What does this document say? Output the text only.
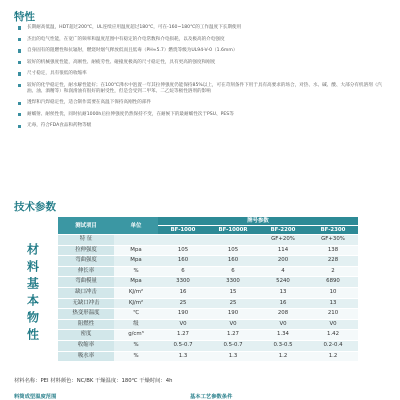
特性
长期耐高低温，HDT超过200℃，UL连续应用温度超过180℃，可在-160~180℃的工作温度下长期使用
杰出的电气性能，在宽广的频率和温度范围中有稳定的介电常数和介电损耗，以及极高的介电强度
自身固有的阻燃性和抗辐射，燃烧时烟气释放低而且低毒（PH≈5.7）燃烧等级为UL94-V-0（1.6mm）
较好的机械强度性能，高刚性、耐疲劳性、碰撞度极高的尺寸稳定性，具有更高的强度和刚度
尺寸稳定，具有很低的收缩率
较好的化学稳定性，耐水解性能好；在100℃沸水中泡置一年其拉伸强度仍能保持85%以上，可在苛刻条件下用于具有高要求的场合，对热、水、碱、酸、大部分有机溶剂（汽油、油、酒精等）和润滑油有很好的耐受性，但是会受到二甲苯、二乙烷等极性溶剂的影响
透焊和汽焊稳定性，适合制作需要在高温下保持高刚性的部件
耐蠕射、耐侯性优，同时抗耐1000h后拉伸强度仍然保持不变，在耐候下的最耐蠕性次于PSU、PES等
无毒，符合FDA食品和药物等级
技术参数
材料基本物性
测试项目	单位	牌号参数			
		BF-1000	BF-1000R	BF-2200	BF-2300
特 征				GF+20%	GF+30%
拉伸强度	Mpa	105	105	114	138
弯曲强度	Mpa	160	160	200	228
伸长率	%	6	6	4	2
弯曲模量	Mpa	3300	3300	5240	6890
缺口冲击	KJ/m²	16	15	13	10
无缺口冲击	KJ/m²	25	25	16	13
热变形温度	℃	190	190	208	210
阻燃性	级	V0	V0	V0	V0
密度	g/cm³	1.27	1.27	1.34	1.42
收缩率	%	0.5-0.7	0.5-0.7	0.3-0.5	0.2-0.4
吸水率	%	1.3	1.3	1.2	1.2
材料名称：PEI 材料颜色：NC/BK 干燥温度：180℃ 干燥时间：4h
料筒成型温度范围	基本工艺参数条件
